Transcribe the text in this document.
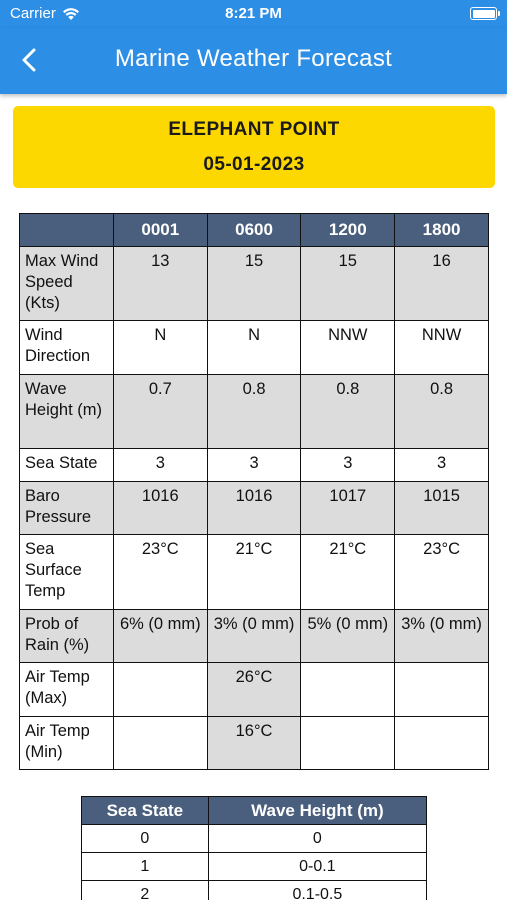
Carrier	8:21 PM
Marine Weather Forecast
ELEPHANT POINT
05-01-2023
	0001	0600	1200	1800
Max Wind Speed (Kts)	13	15	15	16
Wind Direction	N	N	NNW	NNW
Wave Height (m)	0.7	0.8	0.8	0.8
Sea State	3	3	3	3
Baro Pressure	1016	1016	1017	1015
Sea Surface Temp	23°C	21°C	21°C	23°C
Prob of Rain (%)	6% (0 mm)	3% (0 mm)	5% (0 mm)	3% (0 mm)
Air Temp (Max)		26°C		
Air Temp (Min)		16°C		
Sea State	Wave Height (m)
0	0
1	0-0.1
2	0.1-0.5
